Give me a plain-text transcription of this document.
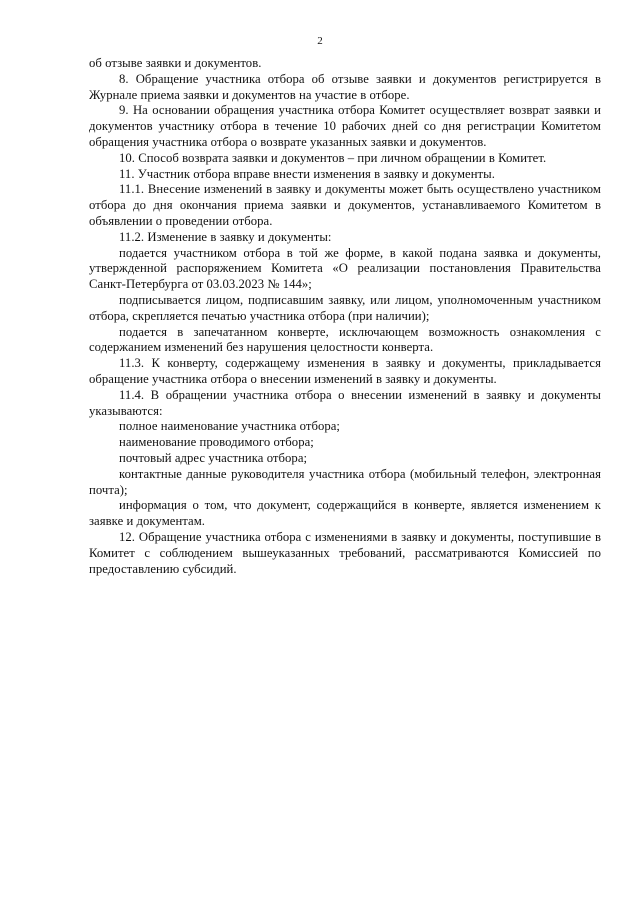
2

об отзыве заявки и документов.

8. Обращение участника отбора об отзыве заявки и документов регистрируется в Журнале приема заявки и документов на участие в отборе.

9. На основании обращения участника отбора Комитет осуществляет возврат заявки и документов участнику отбора в течение 10 рабочих дней со дня регистрации Комитетом обращения участника отбора о возврате указанных заявки и документов.

10. Способ возврата заявки и документов – при личном обращении в Комитет.

11. Участник отбора вправе внести изменения в заявку и документы.

11.1. Внесение изменений в заявку и документы может быть осуществлено участником отбора до дня окончания приема заявки и документов, устанавливаемого Комитетом в объявлении о проведении отбора.

11.2. Изменение в заявку и документы:

подается участником отбора в той же форме, в какой подана заявка и документы, утвержденной распоряжением Комитета «О реализации постановления Правительства Санкт-Петербурга от 03.03.2023 № 144»;

подписывается лицом, подписавшим заявку, или лицом, уполномоченным участником отбора, скрепляется печатью участника отбора (при наличии);

подается в запечатанном конверте, исключающем возможность ознакомления с содержанием изменений без нарушения целостности конверта.

11.3. К конверту, содержащему изменения в заявку и документы, прикладывается обращение участника отбора о внесении изменений в заявку и документы.

11.4. В обращении участника отбора о внесении изменений в заявку и документы указываются:

полное наименование участника отбора;

наименование проводимого отбора;

почтовый адрес участника отбора;

контактные данные руководителя участника отбора (мобильный телефон, электронная почта);

информация о том, что документ, содержащийся в конверте, является изменением к заявке и документам.

12. Обращение участника отбора с изменениями в заявку и документы, поступившие в Комитет с соблюдением вышеуказанных требований, рассматриваются Комиссией по предоставлению субсидий.
